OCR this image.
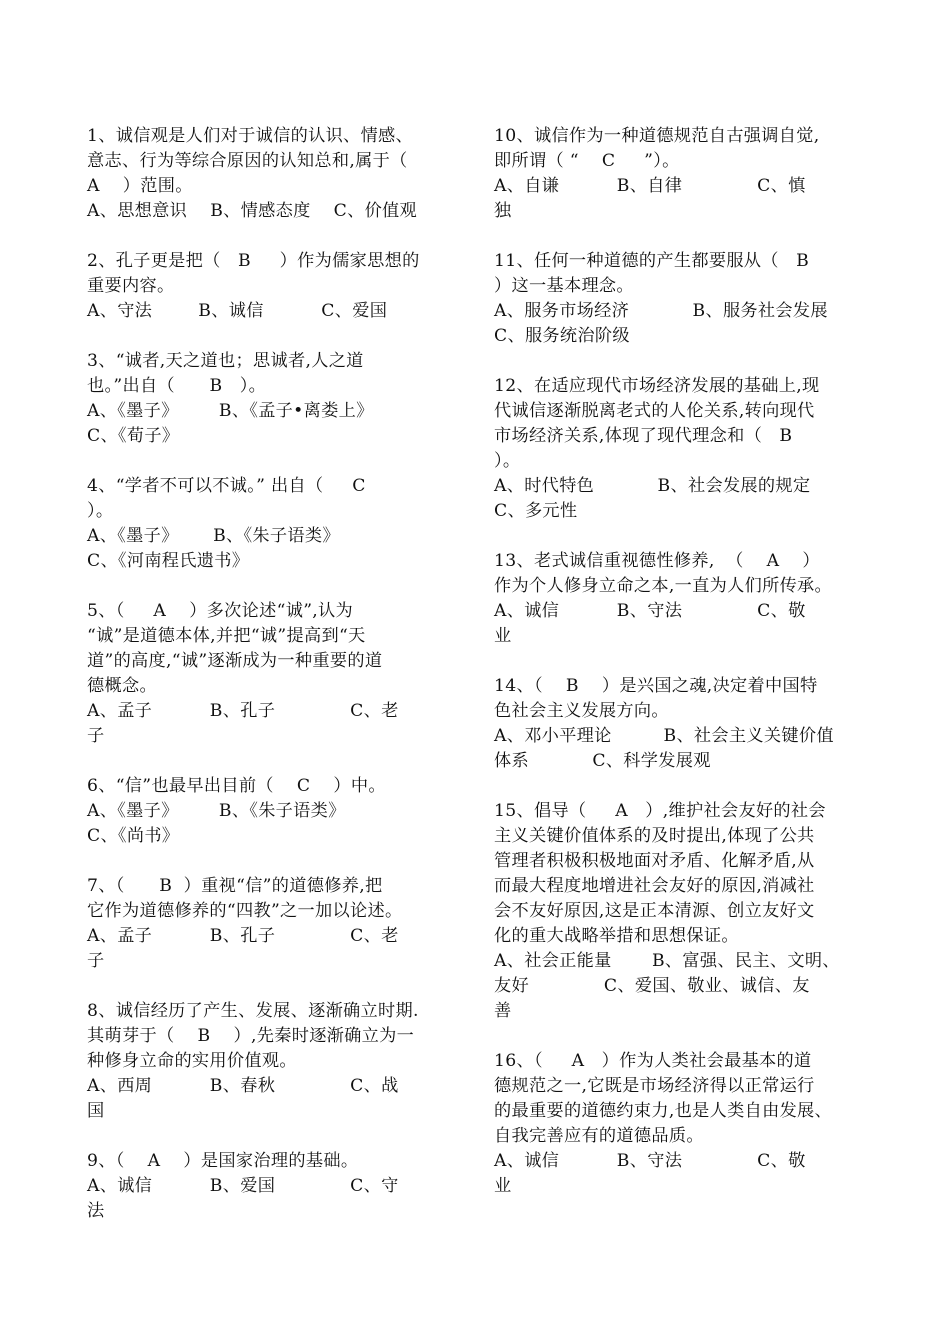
1、诚信观是人们对于诚信的认识、情感、
意志、行为等综合原因的认知总和,属于（
A    ）范围。
A、思想意识    B、情感态度    C、价值观
2、孔子更是把（   B     ）作为儒家思想的
重要内容。
A、守法        B、诚信          C、爱国
3、“诚者,天之道也；思诚者,人之道
也。”出自（      B   ）。
A、《墨子》       B、《孟子•离娄上》
C、《荀子》
4、“学者不可以不诚。” 出自（     C
）。
A、《墨子》      B、《朱子语类》
C、《河南程氏遗书》
5、（     A    ）多次论述“诚”,认为
“诚”是道德本体,并把“诚”提高到“天
道”的高度,“诚”逐渐成为一种重要的道
德概念。
A、孟子          B、孔子             C、老
子
6、“信”也最早出目前（    C    ）中。
A、《墨子》       B、《朱子语类》
C、《尚书》
7、（      B  ）重视“信”的道德修养,把
它作为道德修养的“四教”之一加以论述。
A、孟子          B、孔子             C、老
子
8、诚信经历了产生、发展、逐渐确立时期.
其萌芽于（    B    ）,先秦时逐渐确立为一
种修身立命的实用价值观。
A、西周          B、春秋             C、战
国
9、（    A    ）是国家治理的基础。
A、诚信          B、爱国             C、守
法
10、诚信作为一种道德规范自古强调自觉,
即所谓（ “    C     ”）。
A、自谦          B、自律             C、慎
独
11、任何一种道德的产生都要服从（   B
）这一基本理念。
A、服务市场经济           B、服务社会发展
C、服务统治阶级
12、在适应现代市场经济发展的基础上,现
代诚信逐渐脱离老式的人伦关系,转向现代
市场经济关系,体现了现代理念和（   B
）。
A、时代特色           B、社会发展的规定
C、多元性
13、老式诚信重视德性修养,  （    A    ）
作为个人修身立命之本,一直为人们所传承。
A、诚信          B、守法             C、敬
业
14、（    B    ）是兴国之魂,决定着中国特
色社会主义发展方向。
A、邓小平理论         B、社会主义关键价值
体系           C、科学发展观
15、倡导（     A   ）,维护社会友好的社会
主义关键价值体系的及时提出,体现了公共
管理者积极积极地面对矛盾、化解矛盾,从
而最大程度地增进社会友好的原因,消减社
会不友好原因,这是正本清源、创立友好文
化的重大战略举措和思想保证。
A、社会正能量       B、富强、民主、文明、
友好             C、爱国、敬业、诚信、友
善
16、（     A   ）作为人类社会最基本的道
德规范之一,它既是市场经济得以正常运行
的最重要的道德约束力,也是人类自由发展、
自我完善应有的道德品质。
A、诚信          B、守法             C、敬
业
